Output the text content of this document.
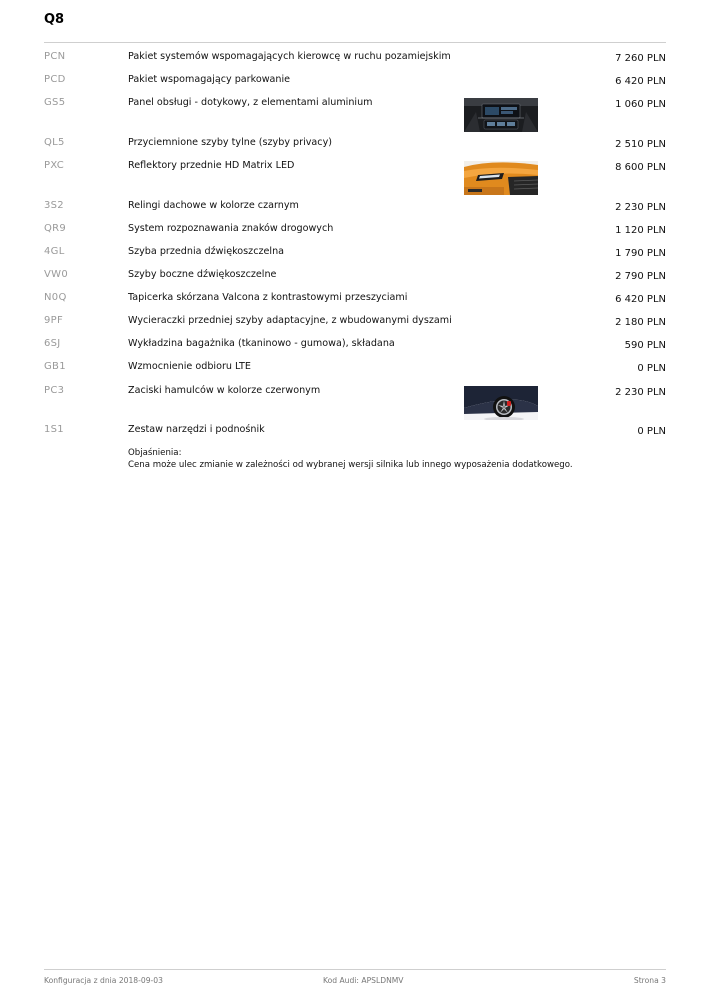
Q8
PCN	Pakiet systemów wspomagających kierowcę w ruchu pozamiejskim	7 260 PLN
PCD	Pakiet wspomagający parkowanie	6 420 PLN
GS5	Panel obsługi - dotykowy, z elementami aluminium	1 060 PLN
QL5	Przyciemnione szyby tylne (szyby privacy)	2 510 PLN
PXC	Reflektory przednie HD Matrix LED	8 600 PLN
3S2	Relingi dachowe w kolorze czarnym	2 230 PLN
QR9	System rozpoznawania znaków drogowych	1 120 PLN
4GL	Szyba przednia dźwiękoszczelna	1 790 PLN
VW0	Szyby boczne dźwiękoszczelne	2 790 PLN
N0Q	Tapicerka skórzana Valcona z kontrastowymi przeszyciami	6 420 PLN
9PF	Wycieraczki przedniej szyby adaptacyjne, z wbudowanymi dyszami	2 180 PLN
6SJ	Wykładzina bagażnika (tkaninowo - gumowa), składana	590 PLN
GB1	Wzmocnienie odbioru LTE	0 PLN
PC3	Zaciski hamulców w kolorze czerwonym	2 230 PLN
1S1	Zestaw narzędzi i podnośnik	0 PLN
Objaśnienia:
Cena może ulec zmianie w zależności od wybranej wersji silnika lub innego wyposażenia dodatkowego.
Konfiguracja z dnia 2018-09-03	Kod Audi: APSLDNMV	Strona 3
